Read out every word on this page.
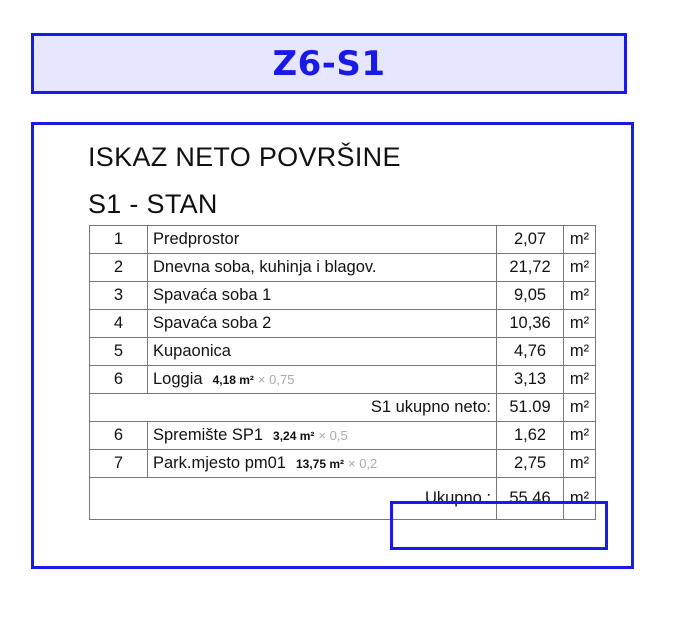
Z6-S1
ISKAZ NETO POVRŠINE
S1 - STAN
1	Predprostor	2,07	m²
2	Dnevna soba, kuhinja i blagov.	21,72	m²
3	Spavaća soba 1	9,05	m²
4	Spavaća soba 2	10,36	m²
5	Kupaonica	4,76	m²
6	Loggia 4,18 m² × 0,75	3,13	m²
S1 ukupno neto:		51.09	m²
6	Spremište SP1 3,24 m² × 0,5	1,62	m²
7	Park.mjesto pm01 13,75 m² × 0,2	2,75	m²
Ukupno :		55.46	m²
